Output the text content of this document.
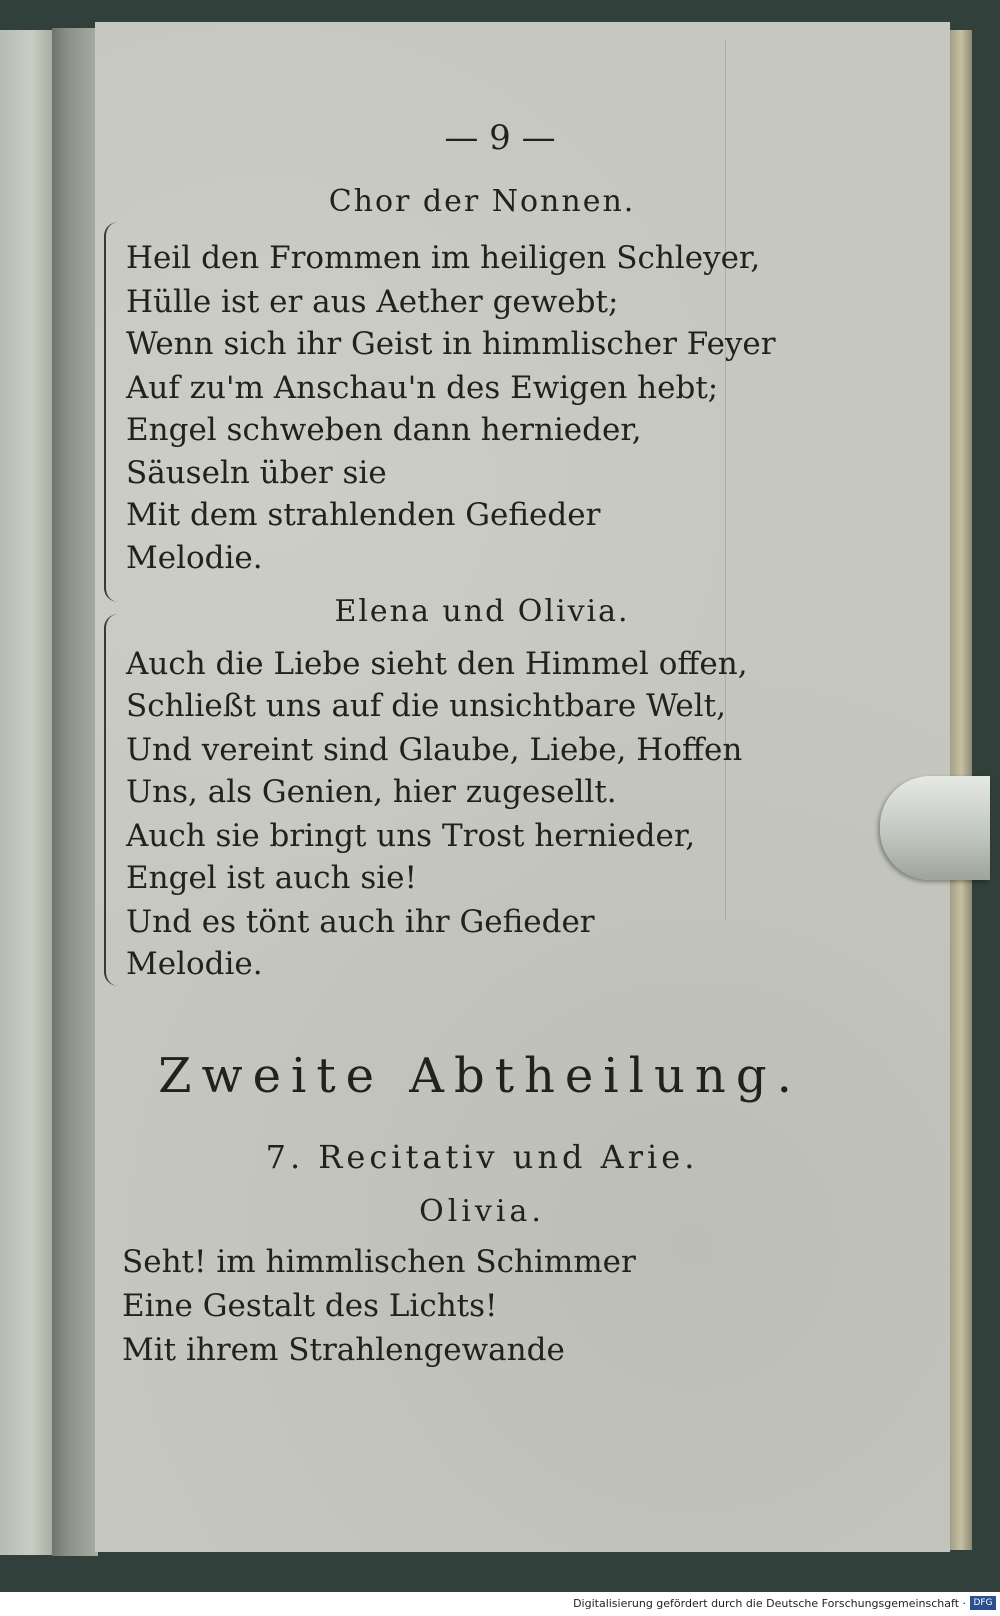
— 9 —
Chor der Nonnen.
Heil den Frommen im heiligen Schleyer,
Hülle ist er aus Aether gewebt;
Wenn sich ihr Geist in himmlischer Feyer
Auf zu'm Anschau'n des Ewigen hebt;
Engel schweben dann hernieder,
Säuseln über sie
Mit dem strahlenden Gefieder
Melodie.
Elena und Olivia.
Auch die Liebe sieht den Himmel offen,
Schließt uns auf die unsichtbare Welt,
Und vereint sind Glaube, Liebe, Hoffen
Uns, als Genien, hier zugesellt.
Auch sie bringt uns Trost hernieder,
Engel ist auch sie!
Und es tönt auch ihr Gefieder
Melodie.
Zweite Abtheilung.
7. Recitativ und Arie.
Olivia.
Seht! im himmlischen Schimmer
Eine Gestalt des Lichts!
Mit ihrem Strahlengewande
Digitalisierung gefördert durch die Deutsche Forschungsgemeinschaft · DFG
